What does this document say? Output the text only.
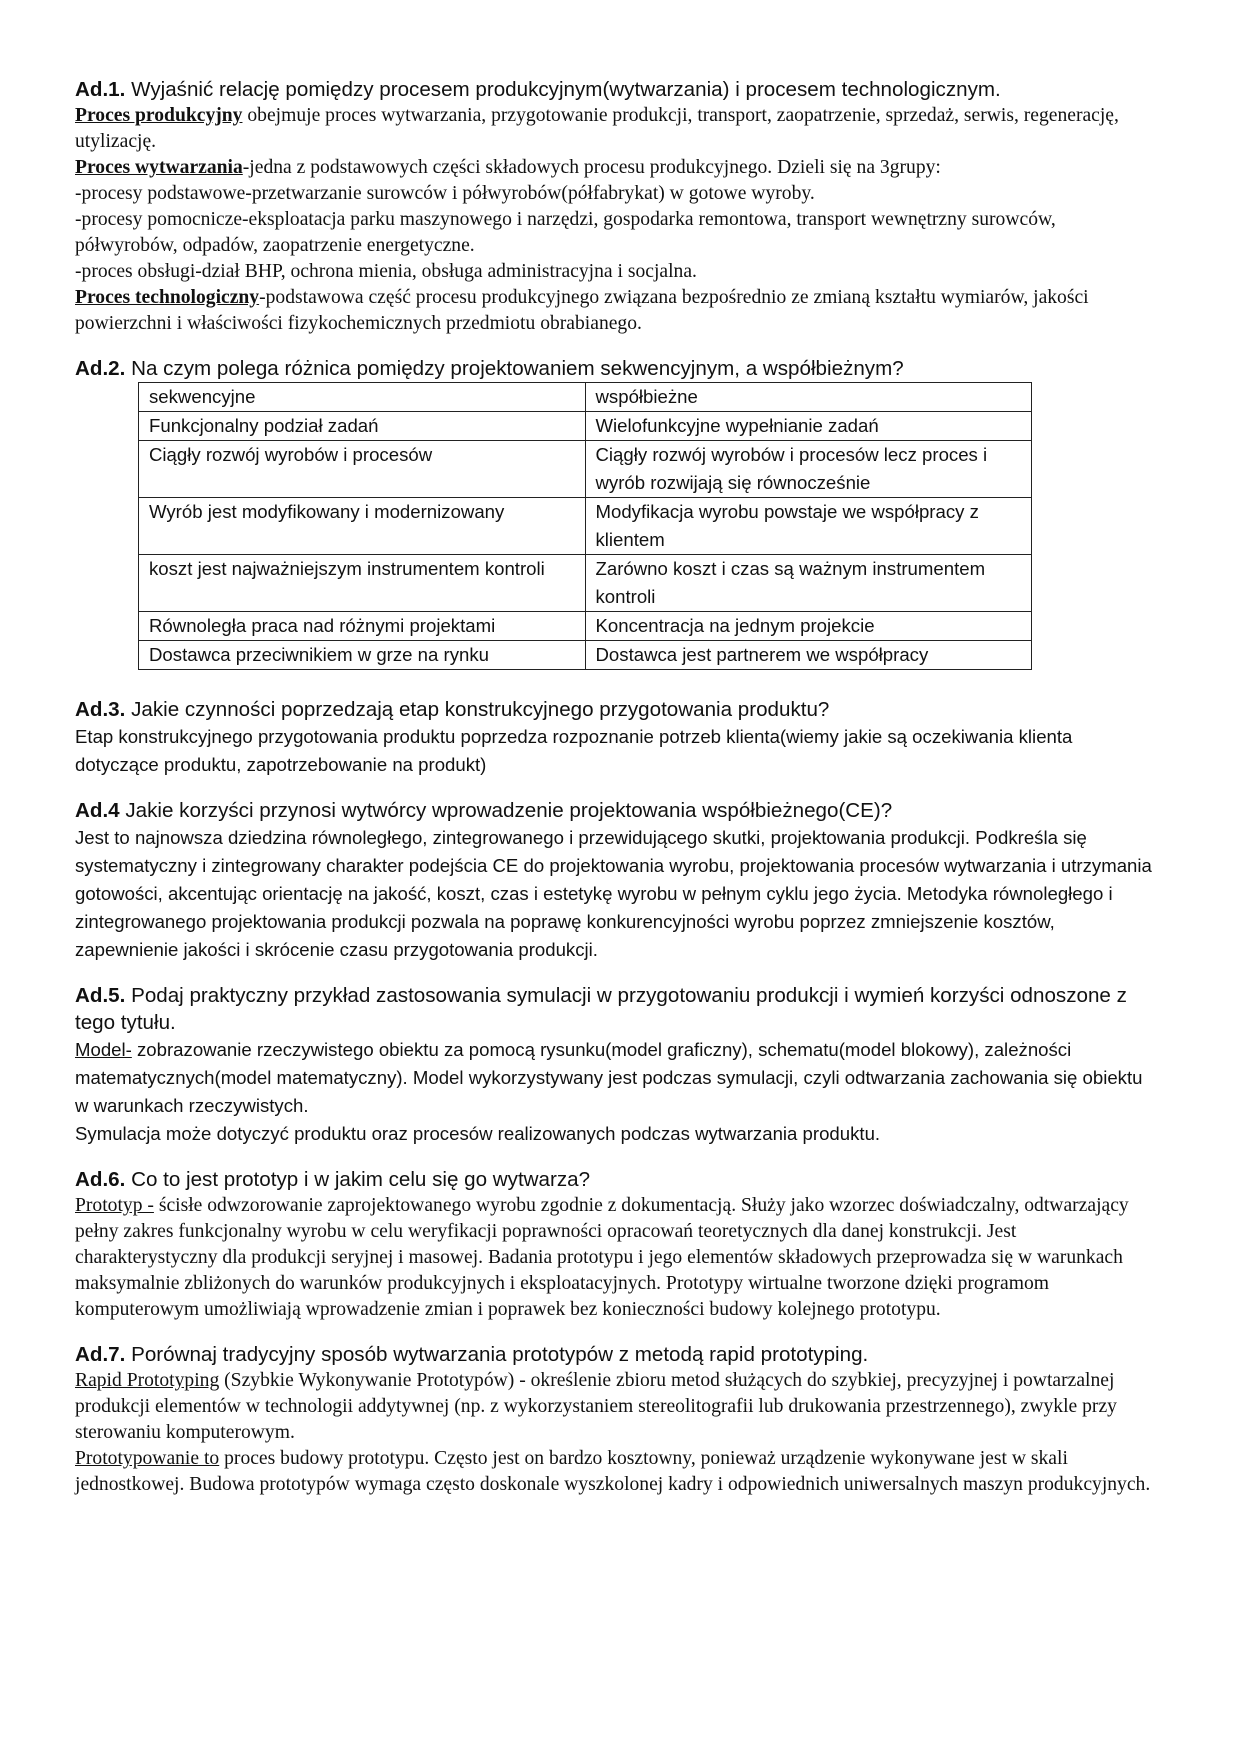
Ad.1. Wyjaśnić relację pomiędzy procesem produkcyjnym(wytwarzania) i procesem technologicznym.

Proces produkcyjny obejmuje proces wytwarzania, przygotowanie produkcji, transport, zaopatrzenie, sprzedaż, serwis, regenerację, utylizację.

Proces wytwarzania-jedna z podstawowych części składowych procesu produkcyjnego. Dzieli się na 3grupy:

-procesy podstawowe-przetwarzanie surowców i półwyrobów(półfabrykat) w gotowe wyroby.

-procesy pomocnicze-eksploatacja parku maszynowego i narzędzi, gospodarka remontowa, transport wewnętrzny surowców, półwyrobów, odpadów, zaopatrzenie energetyczne.

-proces obsługi-dział BHP, ochrona mienia, obsługa administracyjna i socjalna.

Proces technologiczny-podstawowa część procesu produkcyjnego związana bezpośrednio ze zmianą kształtu wymiarów, jakości powierzchni i właściwości fizykochemicznych przedmiotu obrabianego.

Ad.2. Na czym polega różnica pomiędzy projektowaniem sekwencyjnym, a współbieżnym?

sekwencyjne	współbieżne
Funkcjonalny podział zadań	Wielofunkcyjne wypełnianie zadań
Ciągły rozwój wyrobów i procesów	Ciągły rozwój wyrobów i procesów lecz proces i wyrób rozwijają się równocześnie
Wyrób jest modyfikowany i modernizowany	Modyfikacja wyrobu powstaje we współpracy z klientem
koszt jest najważniejszym instrumentem kontroli	Zarówno koszt i czas są ważnym instrumentem kontroli
Równoległa praca nad różnymi projektami	Koncentracja na jednym projekcie
Dostawca przeciwnikiem w grze na rynku	Dostawca jest partnerem we współpracy

Ad.3. Jakie czynności poprzedzają etap konstrukcyjnego przygotowania produktu?

Etap konstrukcyjnego przygotowania produktu poprzedza rozpoznanie potrzeb klienta(wiemy jakie są oczekiwania klienta dotyczące produktu, zapotrzebowanie na produkt)

Ad.4 Jakie korzyści przynosi wytwórcy wprowadzenie projektowania współbieżnego(CE)?

Jest to najnowsza dziedzina równoległego, zintegrowanego i przewidującego skutki, projektowania produkcji. Podkreśla się systematyczny i zintegrowany charakter podejścia CE do projektowania wyrobu, projektowania procesów wytwarzania i utrzymania gotowości, akcentując orientację na jakość, koszt, czas i estetykę wyrobu w pełnym cyklu jego życia. Metodyka równoległego i zintegrowanego projektowania produkcji pozwala na poprawę konkurencyjności wyrobu poprzez zmniejszenie kosztów, zapewnienie jakości i skrócenie czasu przygotowania produkcji.

Ad.5. Podaj praktyczny przykład zastosowania symulacji w przygotowaniu produkcji i wymień korzyści odnoszone z tego tytułu.

Model- zobrazowanie rzeczywistego obiektu za pomocą rysunku(model graficzny), schematu(model blokowy), zależności matematycznych(model matematyczny). Model wykorzystywany jest podczas symulacji, czyli odtwarzania zachowania się obiektu w warunkach rzeczywistych.

Symulacja może dotyczyć produktu oraz procesów realizowanych podczas wytwarzania produktu.

Ad.6. Co to jest prototyp i w jakim celu się go wytwarza?

Prototyp - ścisłe odwzorowanie zaprojektowanego wyrobu zgodnie z dokumentacją. Służy jako wzorzec doświadczalny, odtwarzający pełny zakres funkcjonalny wyrobu w celu weryfikacji poprawności opracowań teoretycznych dla danej konstrukcji. Jest charakterystyczny dla produkcji seryjnej i masowej. Badania prototypu i jego elementów składowych przeprowadza się w warunkach maksymalnie zbliżonych do warunków produkcyjnych i eksploatacyjnych. Prototypy wirtualne tworzone dzięki programom komputerowym umożliwiają wprowadzenie zmian i poprawek bez konieczności budowy kolejnego prototypu.

Ad.7. Porównaj tradycyjny sposób wytwarzania prototypów z metodą rapid prototyping.

Rapid Prototyping (Szybkie Wykonywanie Prototypów) - określenie zbioru metod służących do szybkiej, precyzyjnej i powtarzalnej produkcji elementów w technologii addytywnej (np. z wykorzystaniem stereolitografii lub drukowania przestrzennego), zwykle przy sterowaniu komputerowym.

Prototypowanie to proces budowy prototypu. Często jest on bardzo kosztowny, ponieważ urządzenie wykonywane jest w skali jednostkowej. Budowa prototypów wymaga często doskonale wyszkolonej kadry i odpowiednich uniwersalnych maszyn produkcyjnych.
